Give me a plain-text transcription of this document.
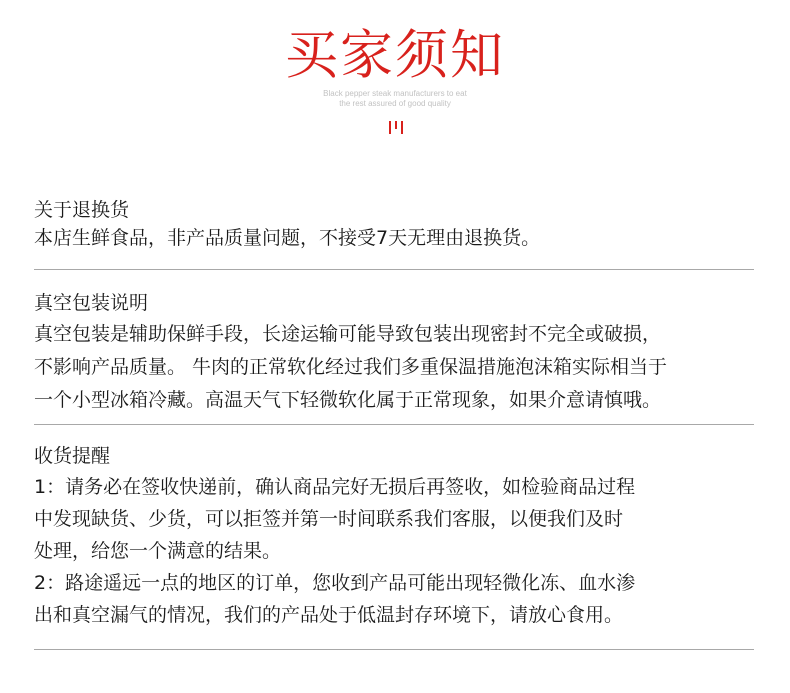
买家须知
Black pepper steak manufacturers to eat
the rest assured of good quality

关于退换货

本店生鲜食品，非产品质量问题，不接受7天无理由退换货。

真空包装说明

真空包装是辅助保鲜手段，长途运输可能导致包装出现密封不完全或破损，

不影响产品质量。 牛肉的正常软化经过我们多重保温措施泡沫箱实际相当于

一个小型冰箱冷藏。高温天气下轻微软化属于正常现象，如果介意请慎哦。

收货提醒

1：请务必在签收快递前，确认商品完好无损后再签收，如检验商品过程

中发现缺货、少货，可以拒签并第一时间联系我们客服，以便我们及时

处理，给您一个满意的结果。

2：路途遥远一点的地区的订单，您收到产品可能出现轻微化冻、血水渗

出和真空漏气的情况，我们的产品处于低温封存环境下，请放心食用。
